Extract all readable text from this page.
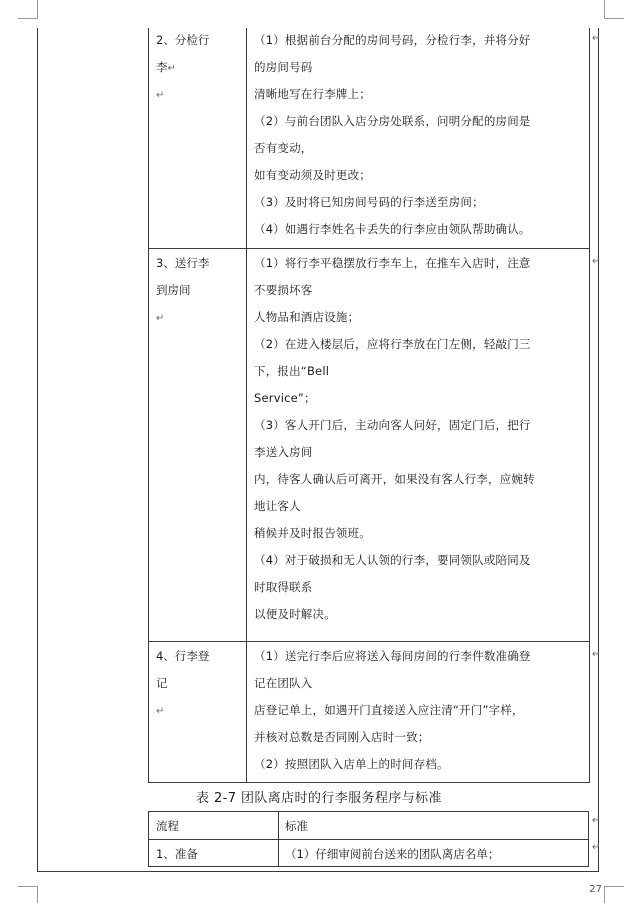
2、分检行
李↵
↵
（1）根据前台分配的房间号码，分检行李，并将分好
的房间号码
清晰地写在行李牌上；
（2）与前台团队入店分房处联系，问明分配的房间是
否有变动，
如有变动须及时更改；
（3）及时将已知房间号码的行李送至房间；
（4）如遇行李姓名卡丢失的行李应由领队帮助确认。
3、送行李
到房间
↵
（1）将行李平稳摆放行李车上，在推车入店时，注意
不要损坏客
人物品和酒店设施；
（2）在进入楼层后，应将行李放在门左侧，轻敲门三
下，报出“Bell
Service”；
（3）客人开门后，主动向客人问好，固定门后，把行
李送入房间
内，待客人确认后可离开，如果没有客人行李，应婉转
地让客人
稍候并及时报告领班。
（4）对于破损和无人认领的行李，要同领队或陪同及
时取得联系
以便及时解决。
4、行李登
记
↵
（1）送完行李后应将送入每间房间的行李件数准确登
记在团队入
店登记单上，如遇开门直接送入应注清“开门”字样，
并核对总数是否同刚入店时一致；
（2）按照团队入店单上的时间存档。
↵
↵
↵
表 2-7 团队离店时的行李服务程序与标准
流程	标准
1、准备	（1）仔细审阅前台送来的团队离店名单；
↵
↵
27
